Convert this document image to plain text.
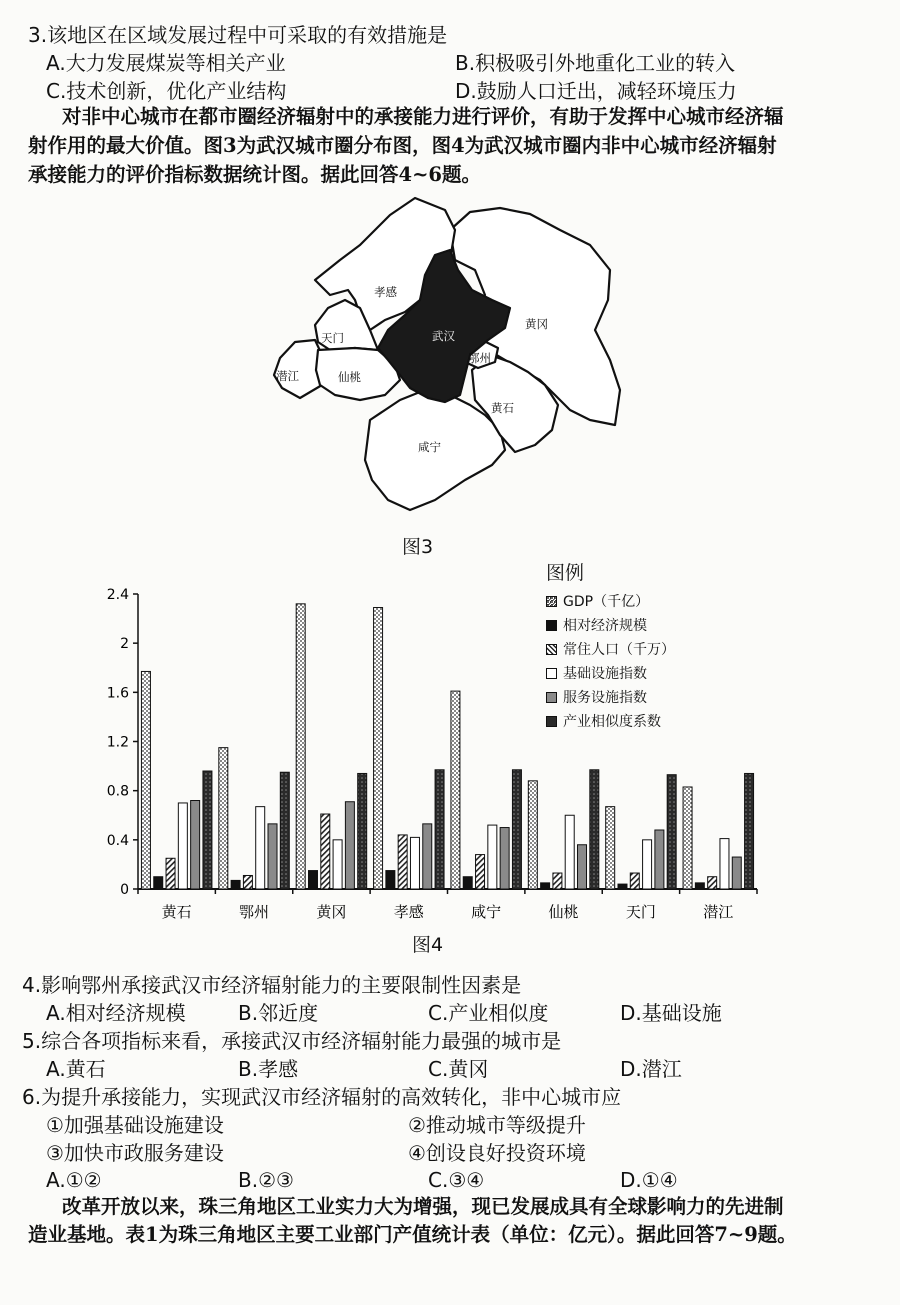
3.该地区在区域发展过程中可采取的有效措施是
A.大力发展煤炭等相关产业	B.积极吸引外地重化工业的转入
C.技术创新，优化产业结构	D.鼓励人口迁出，减轻环境压力
对非中心城市在都市圈经济辐射中的承接能力进行评价，有助于发挥中心城市经济辐
射作用的最大价值。图3为武汉城市圈分布图，图4为武汉城市圈内非中心城市经济辐射
承接能力的评价指标数据统计图。据此回答4~6题。
孝感
黄冈
天门	武汉
鄂州
潜江	仙桃
黄石
咸宁
图3
0
0.4
0.8
1.2
1.6
2
2.4
黄石	鄂州	黄冈	孝感	咸宁	仙桃	天门	潜江
图例
GDP（千亿）
相对经济规模
常住人口（千万）
基础设施指数
服务设施指数
产业相似度系数
图4
4.影响鄂州承接武汉市经济辐射能力的主要限制性因素是
A.相对经济规模	B.邻近度	C.产业相似度	D.基础设施
5.综合各项指标来看，承接武汉市经济辐射能力最强的城市是
A.黄石	B.孝感	C.黄冈	D.潜江
6.为提升承接能力，实现武汉市经济辐射的高效转化，非中心城市应
①加强基础设施建设	②推动城市等级提升
③加快市政服务建设	④创设良好投资环境
A.①②	B.②③	C.③④	D.①④
改革开放以来，珠三角地区工业实力大为增强，现已发展成具有全球影响力的先进制
造业基地。表1为珠三角地区主要工业部门产值统计表（单位：亿元）。据此回答7~9题。
